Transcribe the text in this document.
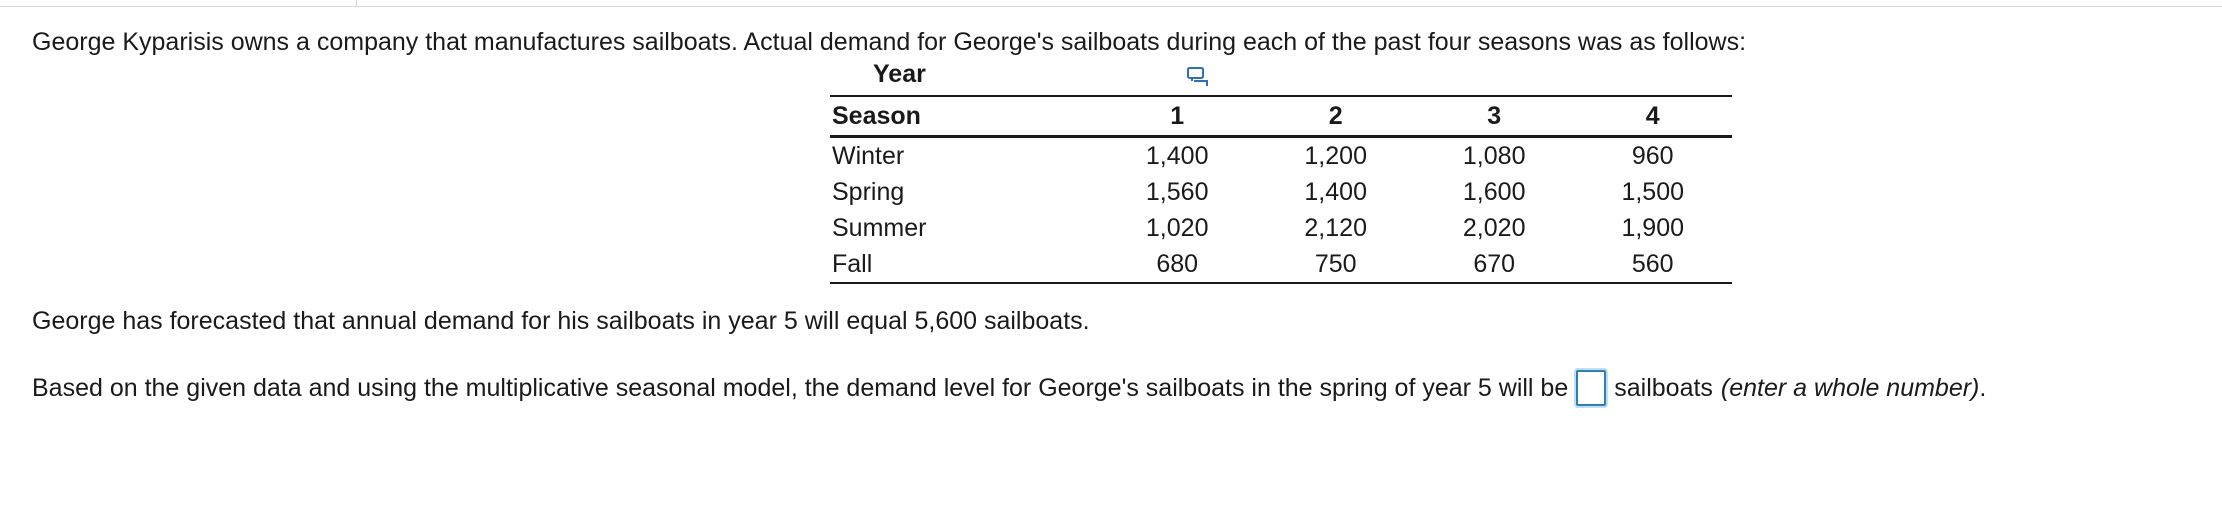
George Kyparisis owns a company that manufactures sailboats. Actual demand for George's sailboats during each of the past four seasons was as follows:
Year
Season	1	2	3	4
Winter	1,400	1,200	1,080	960
Spring	1,560	1,400	1,600	1,500
Summer	1,020	2,120	2,020	1,900
Fall	680	750	670	560
George has forecasted that annual demand for his sailboats in year 5 will equal 5,600 sailboats.
Based on the given data and using the multiplicative seasonal model, the demand level for George's sailboats in the spring of year 5 will be sailboats (enter a whole number) .
